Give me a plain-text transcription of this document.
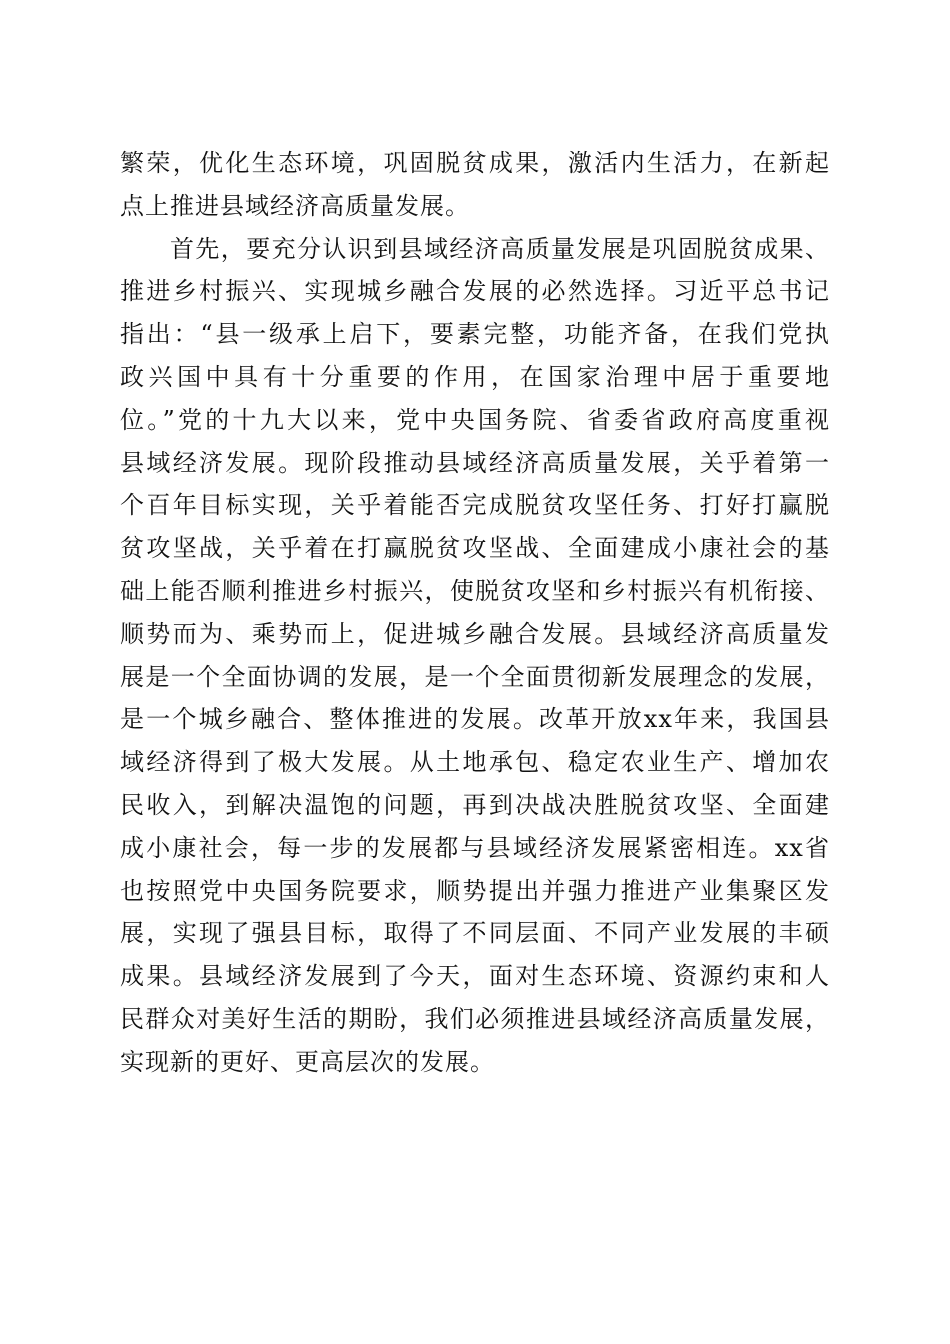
繁荣，优化生态环境，巩固脱贫成果，激活内生活力，在新起
点上推进县域经济高质量发展。
首先，要充分认识到县域经济高质量发展是巩固脱贫成果、
推进乡村振兴、实现城乡融合发展的必然选择。习近平总书记
指出：“县一级承上启下，要素完整，功能齐备，在我们党执
政兴国中具有十分重要的作用，在国家治理中居于重要地
位。”党的十九大以来，党中央国务院、省委省政府高度重视
县域经济发展。现阶段推动县域经济高质量发展，关乎着第一
个百年目标实现，关乎着能否完成脱贫攻坚任务、打好打赢脱
贫攻坚战，关乎着在打赢脱贫攻坚战、全面建成小康社会的基
础上能否顺利推进乡村振兴，使脱贫攻坚和乡村振兴有机衔接、
顺势而为、乘势而上，促进城乡融合发展。县域经济高质量发
展是一个全面协调的发展，是一个全面贯彻新发展理念的发展，
是一个城乡融合、整体推进的发展。改革开放xx年来，我国县
域经济得到了极大发展。从土地承包、稳定农业生产、增加农
民收入，到解决温饱的问题，再到决战决胜脱贫攻坚、全面建
成小康社会，每一步的发展都与县域经济发展紧密相连。xx省
也按照党中央国务院要求，顺势提出并强力推进产业集聚区发
展，实现了强县目标，取得了不同层面、不同产业发展的丰硕
成果。县域经济发展到了今天，面对生态环境、资源约束和人
民群众对美好生活的期盼，我们必须推进县域经济高质量发展，
实现新的更好、更高层次的发展。
